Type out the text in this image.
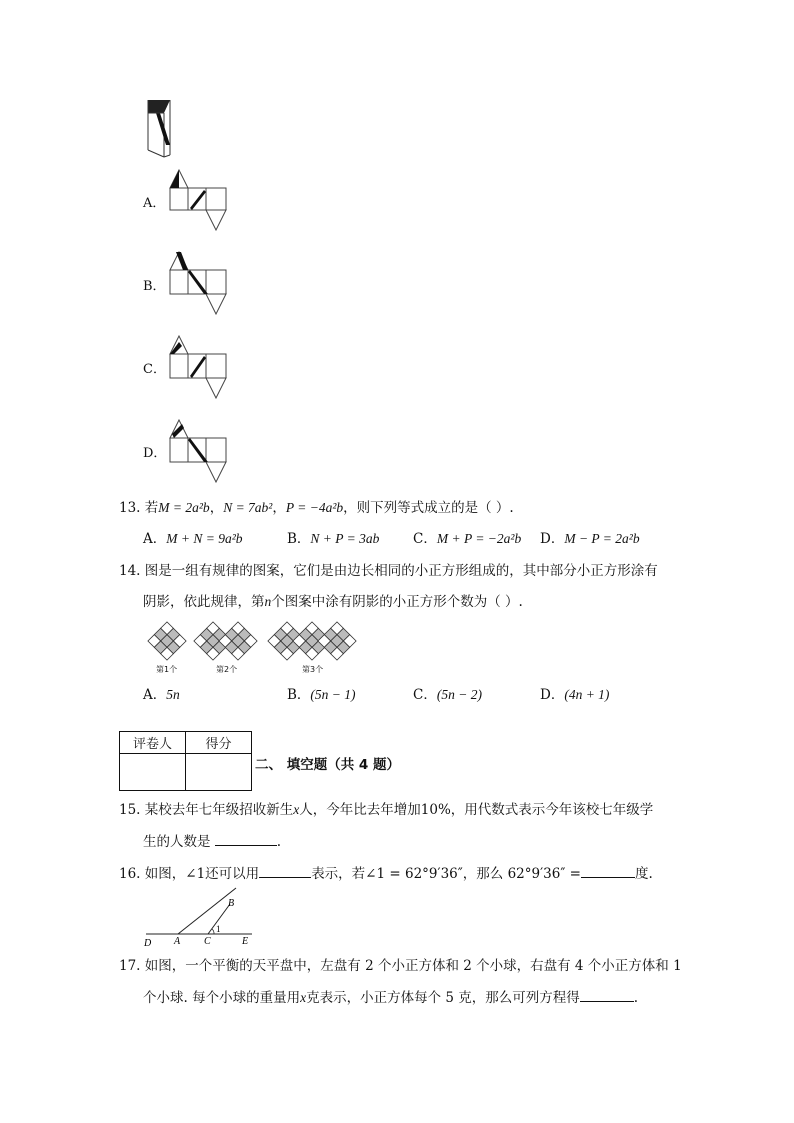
A．
B．
C．
D．
13. 若M = 2a²b，N = 7ab²，P = −4a²b，则下列等式成立的是（ ）.
A．M + N = 9a²b	B．N + P = 3ab C．M + P = −2a²b D．M − P = 2a²b
14. 图是一组有规律的图案，它们是由边长相同的小正方形组成的，其中部分小正方形涂有
阴影，依此规律，第n个图案中涂有阴影的小正方形个数为（ ）.
第1个	第2个	第3个
A．5n	B．(5n − 1)	C．(5n − 2)	D．(4n + 1)
评卷人	得分

二、 填空题（共 4 题）
15. 某校去年七年级招收新生x人，今年比去年增加10%，用代数式表示今年该校七年级学
生的人数是	.
16. 如图，∠1还可以用	表示，若∠1 = 62°9′36″，那么 62°9′36″ =	度.
B
D A C	E
1
17. 如图，一个平衡的天平盘中，左盘有 2 个小正方体和 2 个小球，右盘有 4 个小正方体和 1
个小球. 每个小球的重量用x克表示，小正方体每个 5 克，那么可列方程得	.
